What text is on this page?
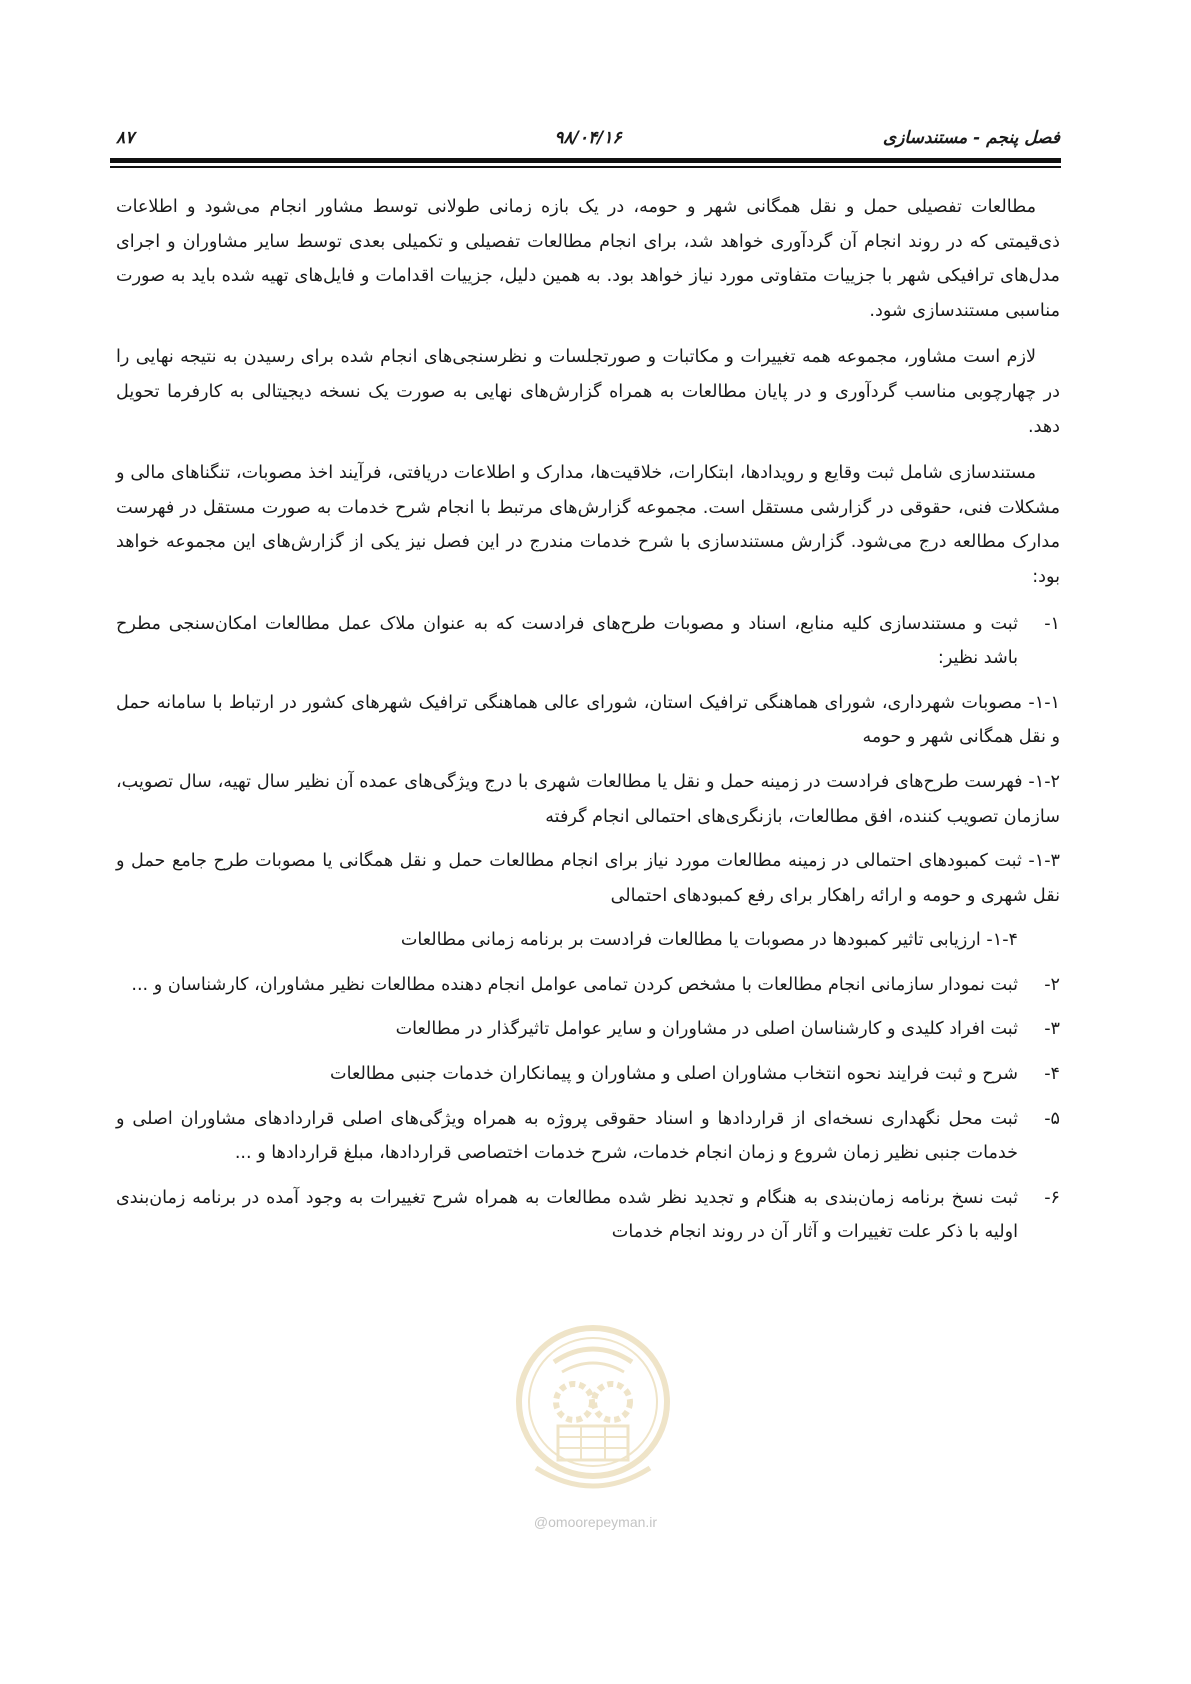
۸۷	۹۸/۰۴/۱۶	فصل پنجم - مستندسازی

مطالعات تفصیلی حمل و نقل همگانی شهر و حومه، در یک بازه زمانی طولانی توسط مشاور انجام می‌شود و اطلاعات ذی‌قیمتی که در روند انجام آن گردآوری خواهد شد، برای انجام مطالعات تفصیلی و تکمیلی بعدی توسط سایر مشاوران و اجرای مدل‌های ترافیکی شهر با جزییات متفاوتی مورد نیاز خواهد بود. به همین دلیل، جزییات اقدامات و فایل‌های تهیه شده باید به صورت مناسبی مستندسازی شود.

لازم است مشاور، مجموعه همه تغییرات و مکاتبات و صورتجلسات و نظرسنجی‌های انجام شده برای رسیدن به نتیجه نهایی را در چهارچوبی مناسب گردآوری و در پایان مطالعات به همراه گزارش‌های نهایی به صورت یک نسخه دیجیتالی به کارفرما تحویل دهد.

مستندسازی شامل ثبت وقایع و رویدادها، ابتکارات، خلاقیت‌ها، مدارک و اطلاعات دریافتی، فرآیند اخذ مصوبات، تنگناهای مالی و مشکلات فنی، حقوقی در گزارشی مستقل است. مجموعه گزارش‌های مرتبط با انجام شرح خدمات به صورت مستقل در فهرست مدارک مطالعه درج می‌شود. گزارش مستندسازی با شرح خدمات مندرج در این فصل نیز یکی از گزارش‌های این مجموعه خواهد بود:

۱-
ثبت و مستندسازی کلیه منابع، اسناد و مصوبات طرح‌های فرادست که به عنوان ملاک عمل مطالعات امکان‌سنجی مطرح باشد نظیر:
۱-۱- مصوبات شهرداری، شورای هماهنگی ترافیک استان، شورای عالی هماهنگی ترافیک شهرهای کشور در ارتباط با سامانه حمل و نقل همگانی شهر و حومه
۱-۲- فهرست طرح‌های فرادست در زمینه حمل و نقل یا مطالعات شهری با درج ویژگی‌های عمده آن نظیر سال تهیه، سال تصویب، سازمان تصویب کننده، افق مطالعات، بازنگری‌های احتمالی انجام گرفته
۱-۳- ثبت کمبودهای احتمالی در زمینه مطالعات مورد نیاز برای انجام مطالعات حمل و نقل همگانی یا مصوبات طرح جامع حمل و نقل شهری و حومه و ارائه راهکار برای رفع کمبودهای احتمالی
۱-۴- ارزیابی تاثیر کمبودها در مصوبات یا مطالعات فرادست بر برنامه زمانی مطالعات
۲-
ثبت نمودار سازمانی انجام مطالعات با مشخص کردن تمامی عوامل انجام دهنده مطالعات نظیر مشاوران، کارشناسان و ...
۳-
ثبت افراد کلیدی و کارشناسان اصلی در مشاوران و سایر عوامل تاثیرگذار در مطالعات
۴-
شرح و ثبت فرایند نحوه انتخاب مشاوران اصلی و مشاوران و پیمانکاران خدمات جنبی مطالعات
۵-
ثبت محل نگهداری نسخه‌ای از قراردادها و اسناد حقوقی پروژه به همراه ویژگی‌های اصلی قراردادهای مشاوران اصلی و خدمات جنبی نظیر زمان شروع و زمان انجام خدمات، شرح خدمات اختصاصی قراردادها، مبلغ قراردادها و ...
۶-
ثبت نسخ برنامه زمان‌بندی به هنگام و تجدید نظر شده مطالعات به همراه شرح تغییرات به وجود آمده در برنامه زمان‌بندی اولیه با ذکر علت تغییرات و آثار آن در روند انجام خدمات
@omoorepeyman.ir
